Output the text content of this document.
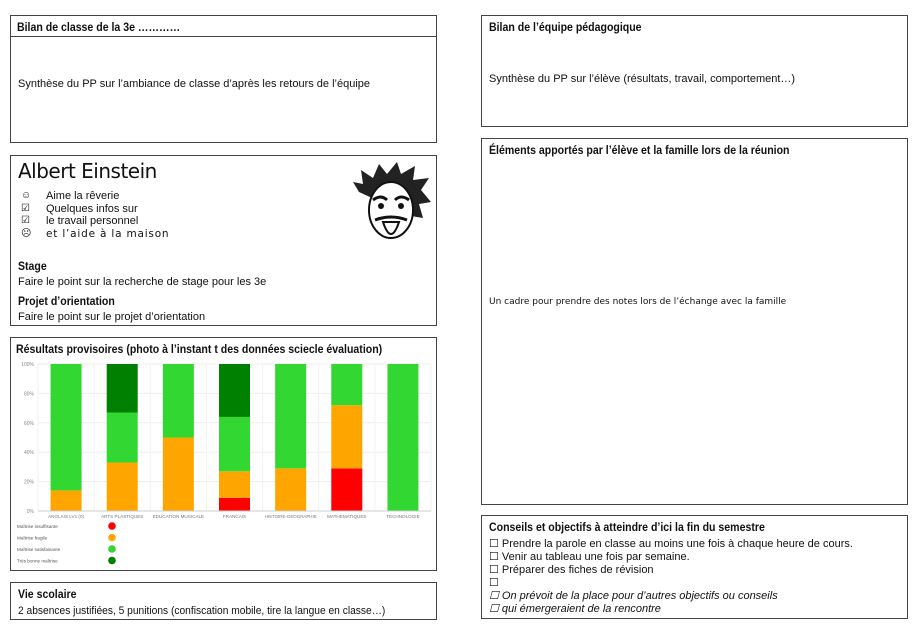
Bilan de classe de la 3e …………
Synthèse du PP sur l’ambiance de classe d’après les retours de l’équipe
Albert Einstein
☺	Aime la rêverie
☑	Quelques infos sur
☑	le travail personnel
☹	et l’aide à la maison
Stage
Faire le point sur la recherche de stage pour les 3e
Projet d’orientation
Faire le point sur le projet d’orientation
Résultats provisoires (photo à l’instant t des données sciecle évaluation)
0%
20%
40%
60%
80%
100%
ANGLAIS LV1 (0)	ARTS PLASTIQUES EDUCATION MUSICALE	FRANCAIS	HISTOIRE-GEOGRAPHIE MATHEMATIQUES	TECHNOLOGIE
Maîtrise insuffisante
Maîtrise fragile
Maîtrise satisfaisante
Très bonne maîtrise
Vie scolaire
2 absences justifiées, 5 punitions (confiscation mobile, tire la langue en classe…)
Bilan de l’équipe pédagogique
Synthèse du PP sur l’élève (résultats, travail, comportement…)
Éléments apportés par l’élève et la famille lors de la réunion
Un cadre pour prendre des notes lors de l’échange avec la famille
Conseils et objectifs à atteindre d’ici la fin du semestre
☐ Prendre la parole en classe au moins une fois à chaque heure de cours.
☐ Venir au tableau une fois par semaine.
☐ Préparer des fiches de révision
☐
☐ On prévoit de la place pour d’autres objectifs ou conseils
☐ qui émergeraient de la rencontre
